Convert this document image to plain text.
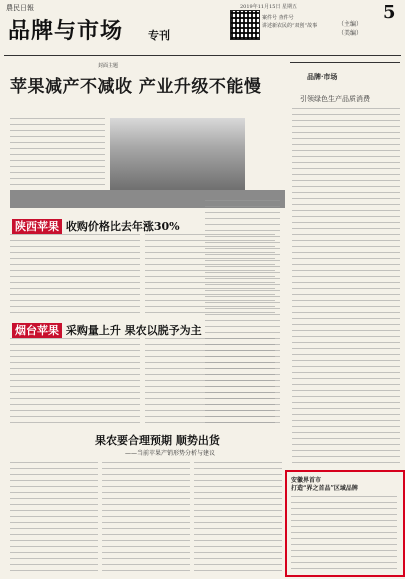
農民日報
品牌与市场 专刊
案件号 查件号
讲述新农民的“双创”故事
2019年11月15日 星期五	5
（主编）
（美编）
封面主题
苹果减产不减收 产业升级不能慢
陕西苹果 收购价格比去年涨30%
烟台苹果 采购量上升 果农以脱予为主
果农要合理预期 顺势出货
——当前苹果产销形势分析与建议
品牌·市场
引领绿色生产品质消费
安徽界首市
打造“界之首品”区域品牌
